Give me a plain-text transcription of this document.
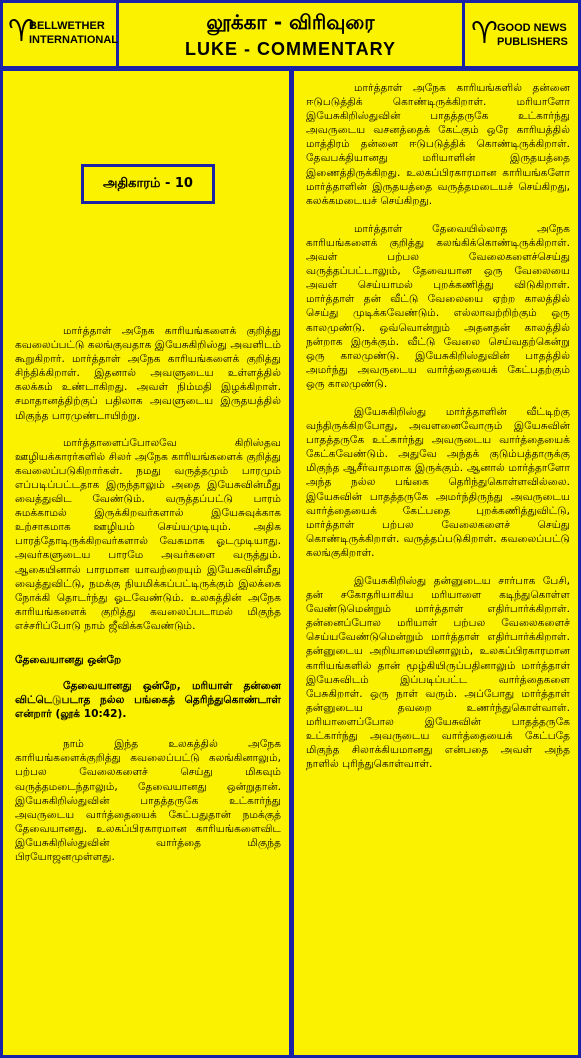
♈
BELLWETHER INTERNATIONAL
லூக்கா - விரிவுரை
LUKE - COMMENTARY	♈ GOOD NEWS PUBLISHERS
அதிகாரம் - 10

மார்த்தாள் அநேக காரியங்களைக் குறித்து கவலைப்பட்டு கலங்குவதாக இயேசுகிறிஸ்து அவளிடம் கூறுகிறார். மார்த்தாள் அநேக காரியங்களைக் குறித்து சிந்திக்கிறாள். இதனால் அவளுடைய உள்ளத்தில் கலக்கம் உண்டாகிறது. அவள் நிம்மதி இழக்கிறாள். சமாதானத்திற்குப் பதிலாக அவளுடைய இருதயத்தில் மிகுந்த பாரமுண்டாயிற்று.

மார்த்தாளைப்போலவே கிறிஸ்தவ ஊழியக்காரர்களில் சிலர் அநேக காரியங்களைக் குறித்து கவலைப்படுகிறார்கள். நமது வருத்தமும் பாரமும் எப்படிப்பட்டதாக இருந்தாலும் அதை இயேசுவின்மீது வைத்துவிட வேண்டும். வருத்தப்பட்டு பாரம் சுமக்காமல் இருக்கிறவர்களால் இயேசுவுக்காக உற்சாகமாக ஊழியம் செய்யமுடியும். அதிக பாரத்தோடிருக்கிறவர்களால் வேகமாக ஓடமுடியாது. அவர்களுடைய பாரமே அவர்களை வருத்தும். ஆகையினால் பாரமான யாவற்றையும் இயேசுவின்மீது வைத்துவிட்டு, நமக்கு நியமிக்கப்பட்டிருக்கும் இலக்கை நோக்கி தொடர்ந்து ஓடவேண்டும். உலகத்தின் அநேக காரியங்களைக் குறித்து கவலைப்படாமல் மிகுந்த எச்சரிப்போடு நாம் ஜீவிக்கவேண்டும்.

தேவையானது ஒன்றே

தேவையானது ஒன்றே, மரியாள் தன்னை விட்டெடுபடாத நல்ல பங்கைத் தெரிந்துகொண்டாள் என்றார் (லூக் 10:42).

நாம் இந்த உலகத்தில் அநேக காரியங்களைக்குறித்து கவலைப்பட்டு கலங்கினாலும், பற்பல வேலைகளைச் செய்து மிகவும் வருத்தமடைந்தாலும், தேவையானது ஒன்றுதான். இயேசுகிறிஸ்துவின் பாதத்தருகே உட்கார்ந்து அவருடைய வார்த்தையைக் கேட்பதுதான் நமக்குத் தேவையானது. உலகப்பிரகாரமான காரியங்களைவிட இயேசுகிறிஸ்துவின் வார்த்தை மிகுந்த பிரயோஜனமுள்ளது.

மார்த்தாள் அநேக காரியங்களில் தன்னை ஈடுபடுத்திக் கொண்டிருக்கிறாள். மரியாளோ இயேசுகிறிஸ்துவின் பாதத்தருகே உட்கார்ந்து அவருடைய வசனத்தைக் கேட்கும் ஒரே காரியத்தில் மாத்திரம் தன்னை ஈடுபடுத்திக் கொண்டிருக்கிறாள். தேவபக்தியானது மரியாளின் இருதயத்தை இணைத்திருக்கிறது. உலகப்பிரகாரமான காரியங்களோ மார்த்தாளின் இருதயத்தை வருத்தமடையச் செய்கிறது, கலக்கமடையச் செய்கிறது.

மார்த்தாள் தேவையில்லாத அநேக காரியங்களைக் குறித்து கலங்கிக்கொண்டிருக்கிறாள். அவள் பற்பல வேலைகளைச்செய்து வருத்தப்பட்டாலும், தேவையான ஒரு வேலையை அவள் செய்யாமல் புறக்கணித்து விடுகிறாள். மார்த்தாள் தன் வீட்டு வேலையை ஏற்ற காலத்தில் செய்து முடிக்கவேண்டும். எல்லாவற்றிற்கும் ஒரு காலமுண்டு. ஒவ்வொன்றும் அதனதன் காலத்தில் நன்றாக இருக்கும். வீட்டு வேலை செய்வதற்கென்று ஒரு காலமுண்டு. இயேசுகிறிஸ்துவின் பாதத்தில் அமர்ந்து அவருடைய வார்த்தையைக் கேட்பதற்கும் ஒரு காலமுண்டு.

இயேசுகிறிஸ்து மார்த்தாளின் வீட்டிற்கு வந்திருக்கிறபோது, அவளனைவோரும் இயேசுவின் பாதத்தருகே உட்கார்ந்து அவருடைய வார்த்தையைக் கேட்கவேண்டும். அதுவே அந்தக் குடும்பத்தாருக்கு மிகுந்த ஆசீர்வாதமாக இருக்கும். ஆனால் மார்த்தாளோ அந்த நல்ல பங்கை தெரிந்துகொள்ளவில்லை. இயேசுவின் பாதத்தருகே அமர்ந்திருந்து அவருடைய வார்த்தையைக் கேட்பதை புறக்கணித்துவிட்டு, மார்த்தாள் பற்பல வேலைகளைச் செய்து கொண்டிருக்கிறாள். வருத்தப்படுகிறாள். கவலைப்பட்டு கலங்குகிறாள்.

இயேசுகிறிஸ்து தன்னுடைய சார்பாக பேசி, தன் சகோதரியாகிய மரியாளை கடிந்துகொள்ள வேண்டுமென்றும் மார்த்தாள் எதிர்பார்க்கிறாள். தன்னைப்போல மரியாள் பற்பல வேலைகளைச் செய்யவேண்டுமென்றும் மார்த்தாள் எதிர்பார்க்கிறாள். தன்னுடைய அறியாமையினாலும், உலகப்பிரகாரமான காரியங்களில் தான் மூழ்கியிருப்பதினாலும் மார்த்தாள் இயேசுவிடம் இப்படிப்பட்ட வார்த்தைகளை பேசுகிறாள். ஒரு நாள் வரும். அப்போது மார்த்தாள் தன்னுடைய தவறை உணர்ந்துகொள்வாள். மரியாளைப்போல இயேசுவின் பாதத்தருகே உட்கார்ந்து அவருடைய வார்த்தையைக் கேட்பதே மிகுந்த சிலாக்கியமானது என்பதை அவள் அந்த நாளில் புரிந்துகொள்வாள்.
